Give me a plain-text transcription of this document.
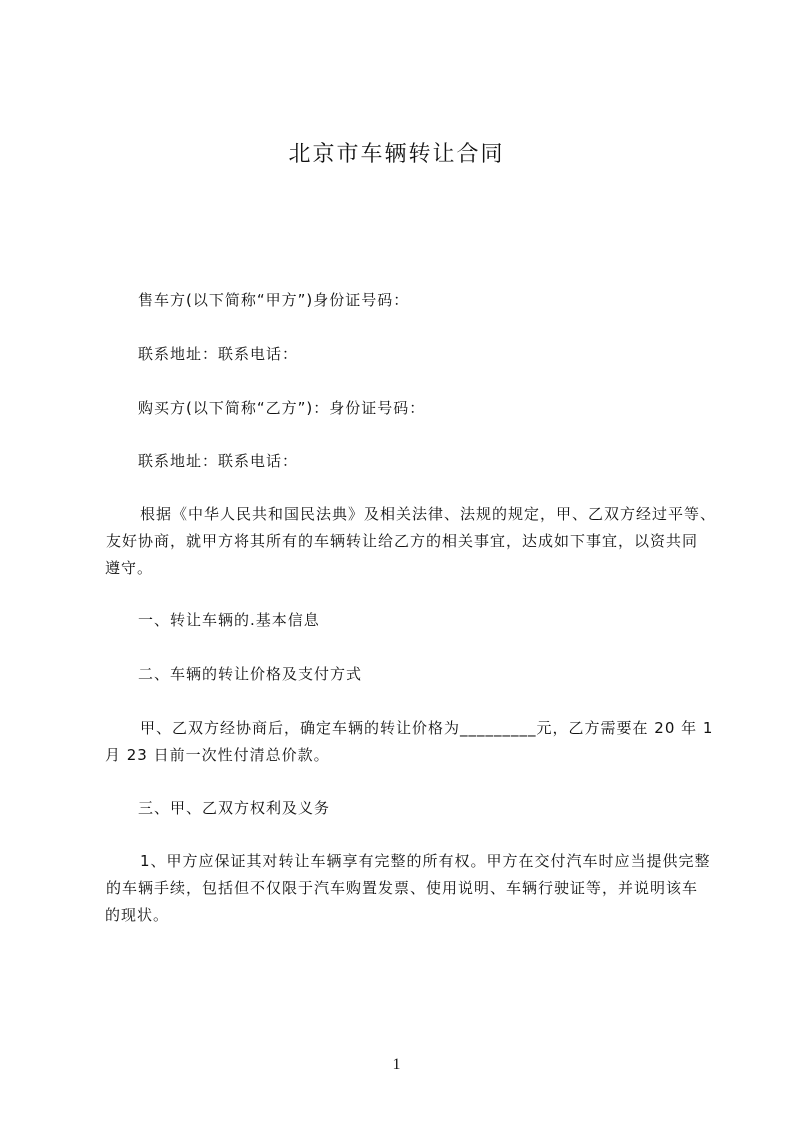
北京市车辆转让合同
售车方(以下简称“甲方”)身份证号码：
联系地址：联系电话：
购买方(以下简称“乙方”)：身份证号码：
联系地址：联系电话：
根据《中华人民共和国民法典》及相关法律、法规的规定，甲、乙双方经过平等、
友好协商，就甲方将其所有的车辆转让给乙方的相关事宜，达成如下事宜，以资共同
遵守。
一、转让车辆的.基本信息
二、车辆的转让价格及支付方式
甲、乙双方经协商后，确定车辆的转让价格为_________元，乙方需要在 20 年 1
月 23 日前一次性付清总价款。
三、甲、乙双方权利及义务
1、甲方应保证其对转让车辆享有完整的所有权。甲方在交付汽车时应当提供完整
的车辆手续，包括但不仅限于汽车购置发票、使用说明、车辆行驶证等，并说明该车
的现状。
1
